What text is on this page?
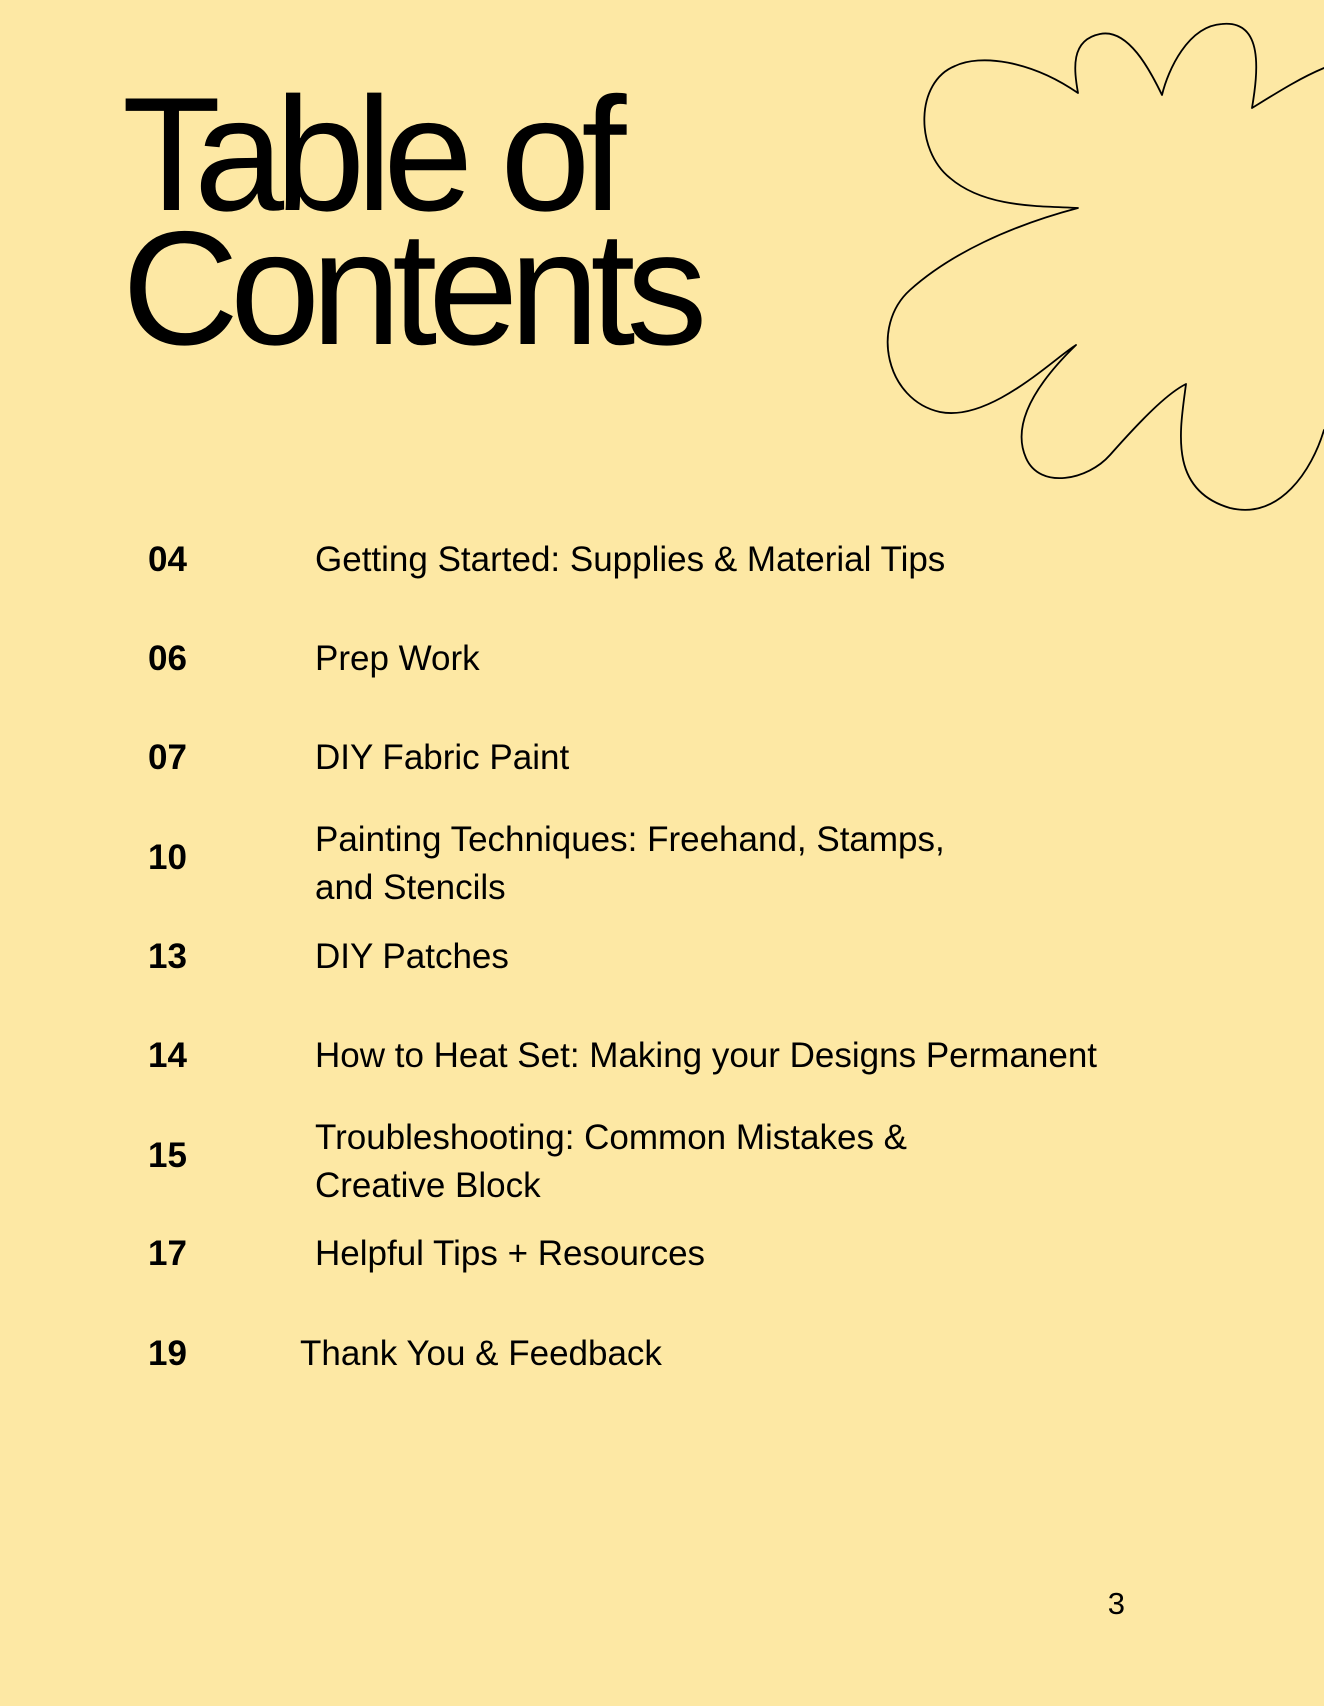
Table of
Contents
04	Getting Started: Supplies & Material Tips
06	Prep Work
07	DIY Fabric Paint
10	Painting Techniques: Freehand, Stamps, and Stencils
13	DIY Patches
14	How to Heat Set: Making your Designs Permanent
15	Troubleshooting: Common Mistakes & Creative Block
17	Helpful Tips + Resources
19	Thank You & Feedback
3
